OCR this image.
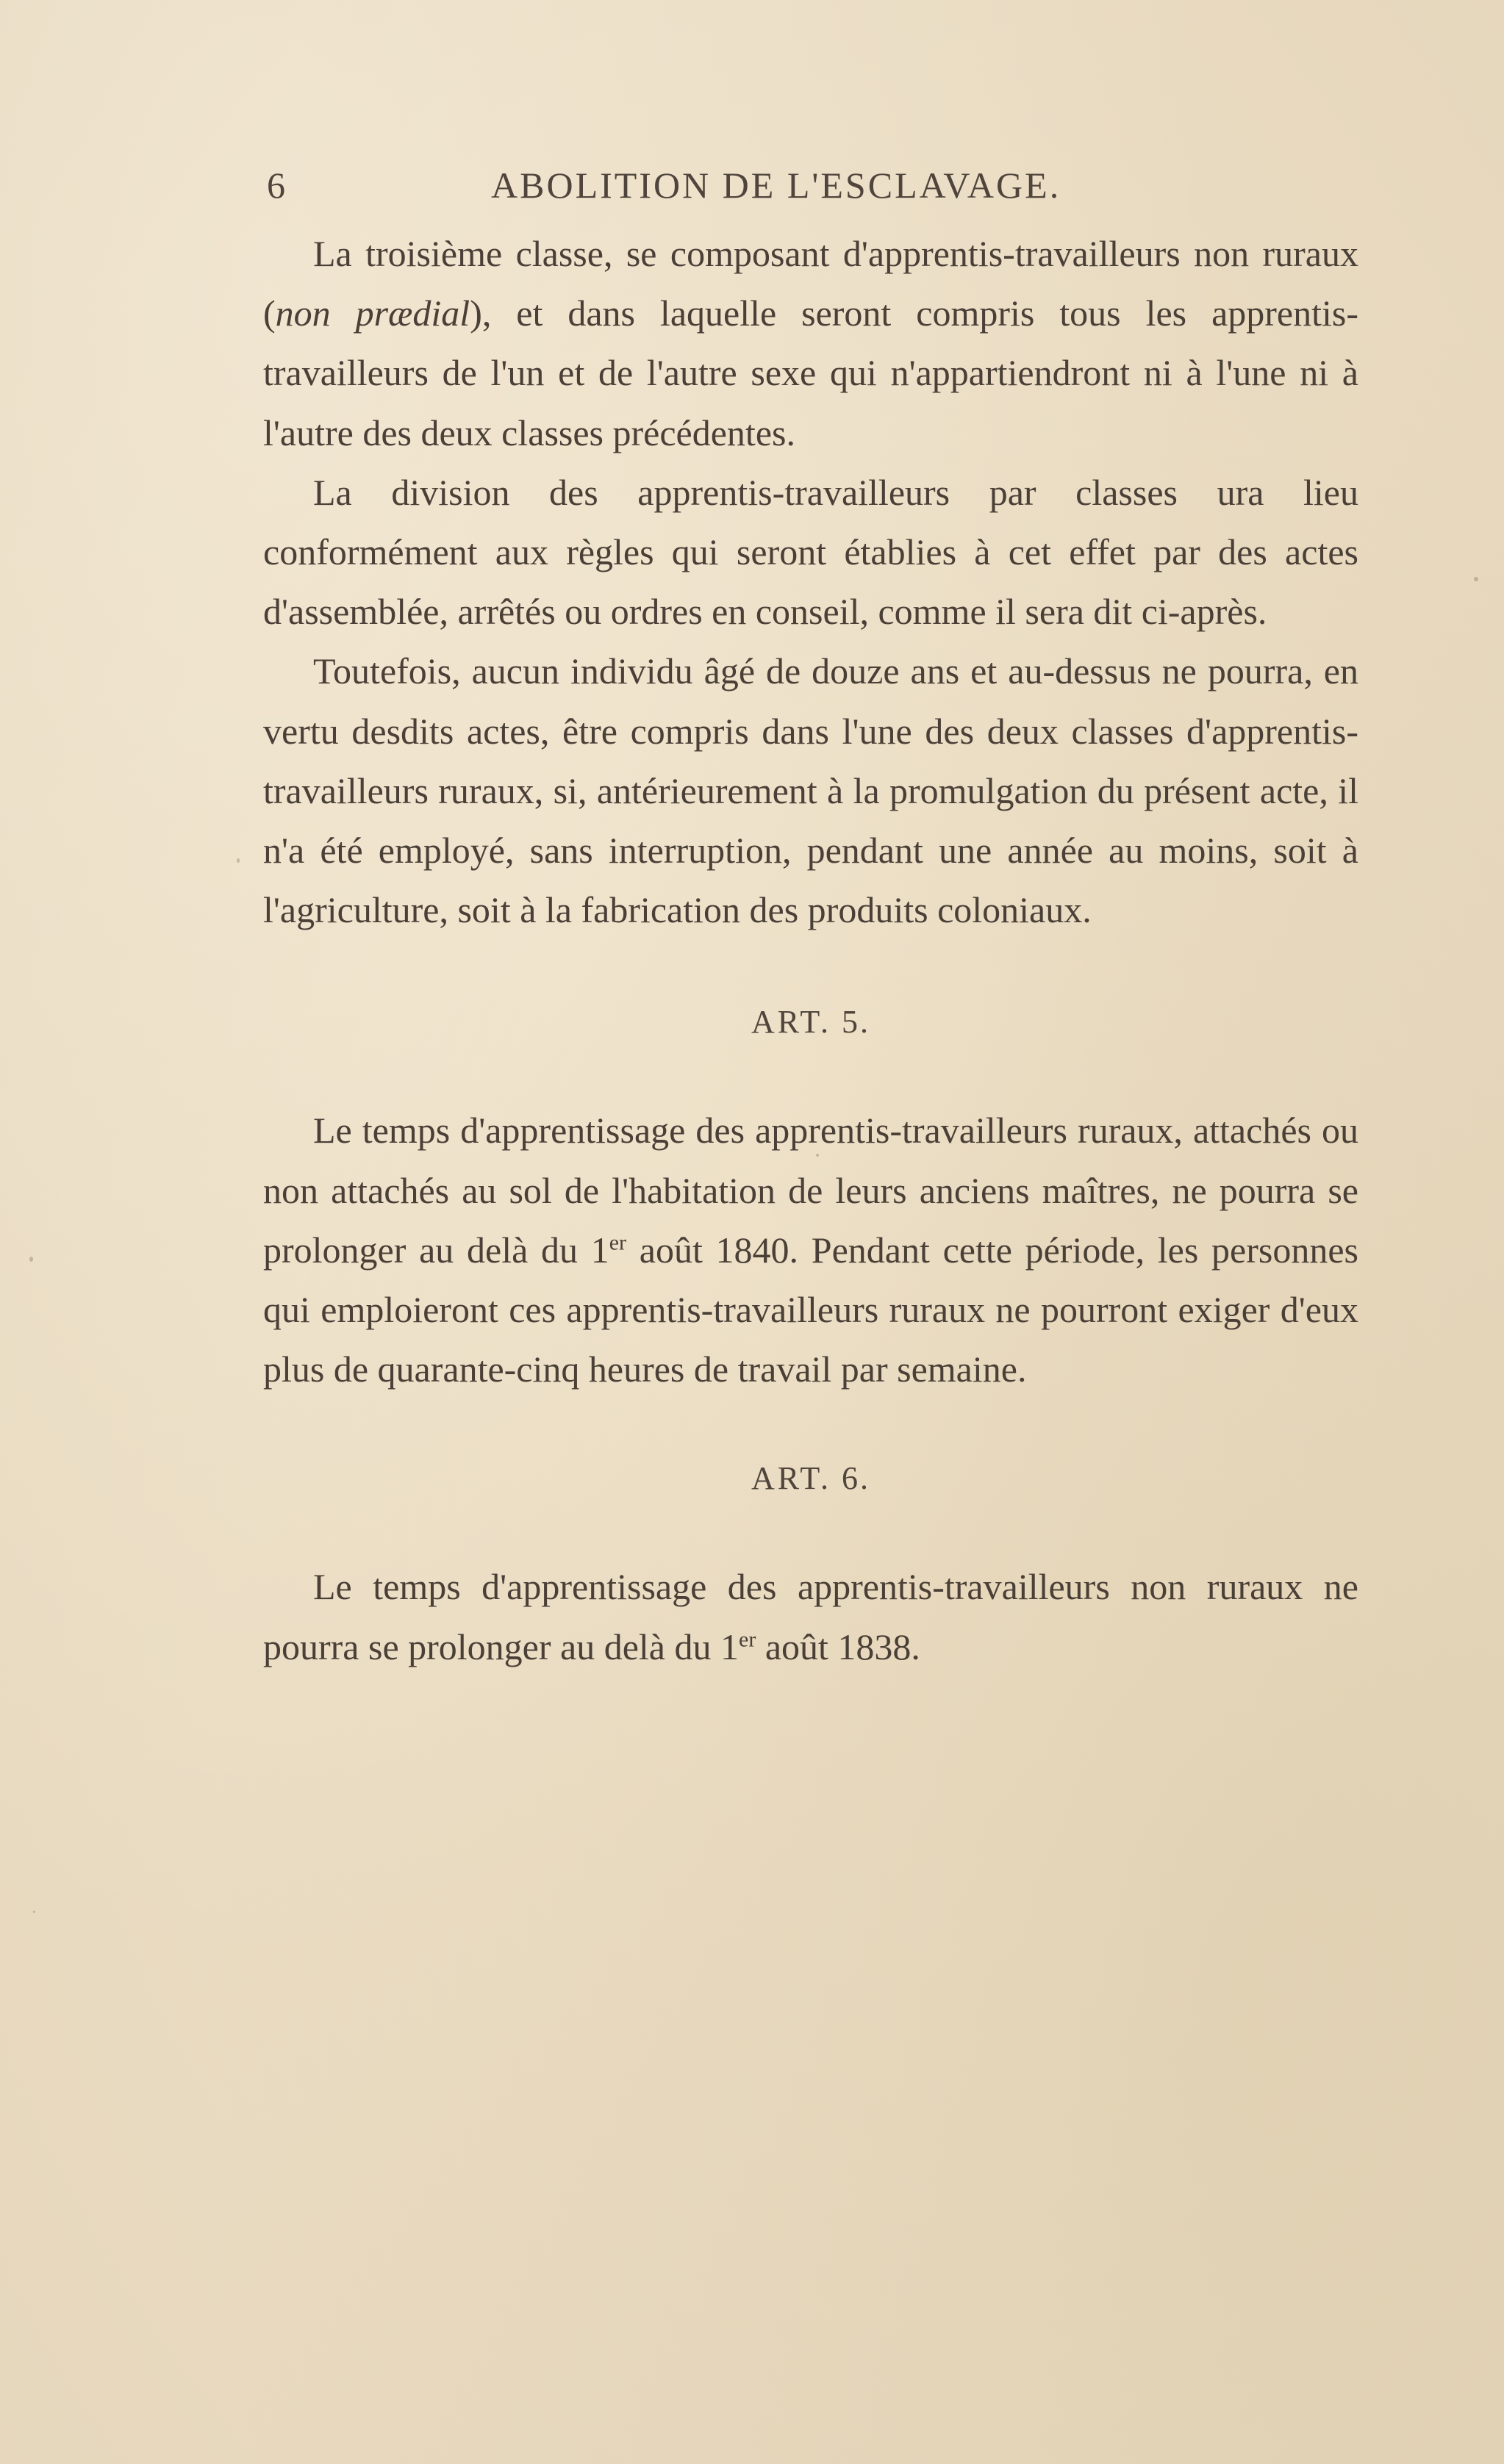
6	ABOLITION DE L'ESCLAVAGE.

La troisième classe, se composant d'apprentis-travailleurs non ruraux (non prædial), et dans laquelle seront compris tous les apprentis-travailleurs de l'un et de l'autre sexe qui n'appartiendront ni à l'une ni à l'autre des deux classes précédentes.

La division des apprentis-travailleurs par classes ura lieu conformément aux règles qui seront établies à cet effet par des actes d'assemblée, arrêtés ou ordres en conseil, comme il sera dit ci-après.

Toutefois, aucun individu âgé de douze ans et au-dessus ne pourra, en vertu desdits actes, être compris dans l'une des deux classes d'apprentis-travailleurs ruraux, si, antérieurement à la promulgation du présent acte, il n'a été employé, sans interruption, pendant une année au moins, soit à l'agriculture, soit à la fabrication des produits coloniaux.

ART. 5.

Le temps d'apprentissage des apprentis-travailleurs ruraux, attachés ou non attachés au sol de l'habitation de leurs anciens maîtres, ne pourra se prolonger au delà du 1er août 1840. Pendant cette période, les personnes qui emploieront ces apprentis-travailleurs ruraux ne pourront exiger d'eux plus de quarante-cinq heures de travail par semaine.

ART. 6.

Le temps d'apprentissage des apprentis-travailleurs non ruraux ne pourra se prolonger au delà du 1er août 1838.
